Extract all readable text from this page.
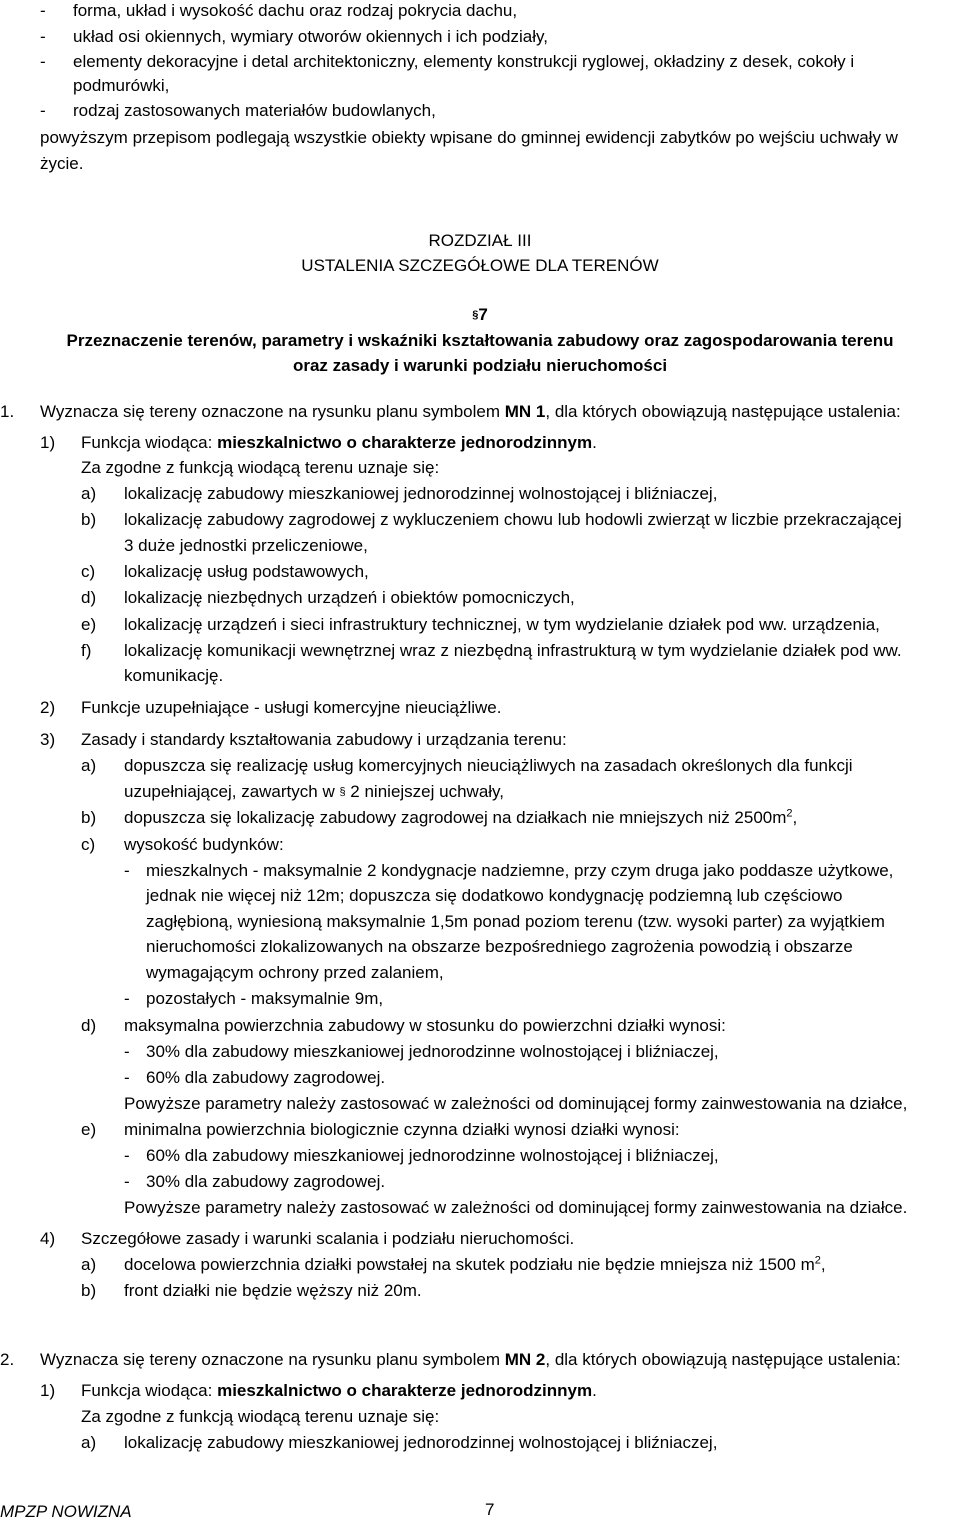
- forma, układ i wysokość dachu oraz rodzaj pokrycia dachu,
- układ osi okiennych, wymiary otworów okiennych i ich podziały,
- elementy dekoracyjne i detal architektoniczny, elementy konstrukcji ryglowej, okładziny z desek, cokoły i
podmurówki,
- rodzaj zastosowanych materiałów budowlanych,
powyższym przepisom podlegają wszystkie obiekty wpisane do gminnej ewidencji zabytków po wejściu uchwały w
życie.
ROZDZIAŁ III
USTALENIA SZCZEGÓŁOWE DLA TERENÓW
§7
Przeznaczenie terenów, parametry i wskaźniki kształtowania zabudowy oraz zagospodarowania terenu
oraz zasady i warunki podziału nieruchomości
1. Wyznacza się tereny oznaczone na rysunku planu symbolem MN 1, dla których obowiązują następujące ustalenia:
1) Funkcja wiodąca: mieszkalnictwo o charakterze jednorodzinnym.
Za zgodne z funkcją wiodącą terenu uznaje się:
a) lokalizację zabudowy mieszkaniowej jednorodzinnej wolnostojącej i bliźniaczej,
b) lokalizację zabudowy zagrodowej z wykluczeniem chowu lub hodowli zwierząt w liczbie przekraczającej
3 duże jednostki przeliczeniowe,
c) lokalizację usług podstawowych,
d) lokalizację niezbędnych urządzeń i obiektów pomocniczych,
e) lokalizację urządzeń i sieci infrastruktury technicznej, w tym wydzielanie działek pod ww. urządzenia,
f) lokalizację komunikacji wewnętrznej wraz z niezbędną infrastrukturą w tym wydzielanie działek pod ww.
komunikację.
2) Funkcje uzupełniające - usługi komercyjne nieuciążliwe.
3) Zasady i standardy kształtowania zabudowy i urządzania terenu:
a) dopuszcza się realizację usług komercyjnych nieuciążliwych na zasadach określonych dla funkcji
uzupełniającej, zawartych w § 2 niniejszej uchwały,
b) dopuszcza się lokalizację zabudowy zagrodowej na działkach nie mniejszych niż $2500m^2$,
c) wysokość budynków:
- mieszkalnych - maksymalnie 2 kondygnacje nadziemne, przy czym druga jako poddasze użytkowe,
jednak nie więcej niż 12m; dopuszcza się dodatkowo kondygnację podziemną lub częściowo
zagłębioną, wyniesioną maksymalnie 1,5m ponad poziom terenu (tzw. wysoki parter) za wyjątkiem
nieruchomości zlokalizowanych na obszarze bezpośredniego zagrożenia powodzią i obszarze
wymagającym ochrony przed zalaniem,
- pozostałych - maksymalnie 9m,
d) maksymalna powierzchnia zabudowy w stosunku do powierzchni działki wynosi:
- 30% dla zabudowy mieszkaniowej jednorodzinne wolnostojącej i bliźniaczej,
- 60% dla zabudowy zagrodowej.
Powyższe parametry należy zastosować w zależności od dominującej formy zainwestowania na działce,
e) minimalna powierzchnia biologicznie czynna działki wynosi działki wynosi:
- 60% dla zabudowy mieszkaniowej jednorodzinne wolnostojącej i bliźniaczej,
- 30% dla zabudowy zagrodowej.
Powyższe parametry należy zastosować w zależności od dominującej formy zainwestowania na działce.
4) Szczegółowe zasady i warunki scalania i podziału nieruchomości.
a) docelowa powierzchnia działki powstałej na skutek podziału nie będzie mniejsza niż 1500 $m^2$,
b) front działki nie będzie węższy niż 20m.
2. Wyznacza się tereny oznaczone na rysunku planu symbolem MN 2, dla których obowiązują następujące ustalenia:
1) Funkcja wiodąca: mieszkalnictwo o charakterze jednorodzinnym.
Za zgodne z funkcją wiodącą terenu uznaje się:
a) lokalizację zabudowy mieszkaniowej jednorodzinnej wolnostojącej i bliźniaczej,
MPZP NOWIZNA	7
